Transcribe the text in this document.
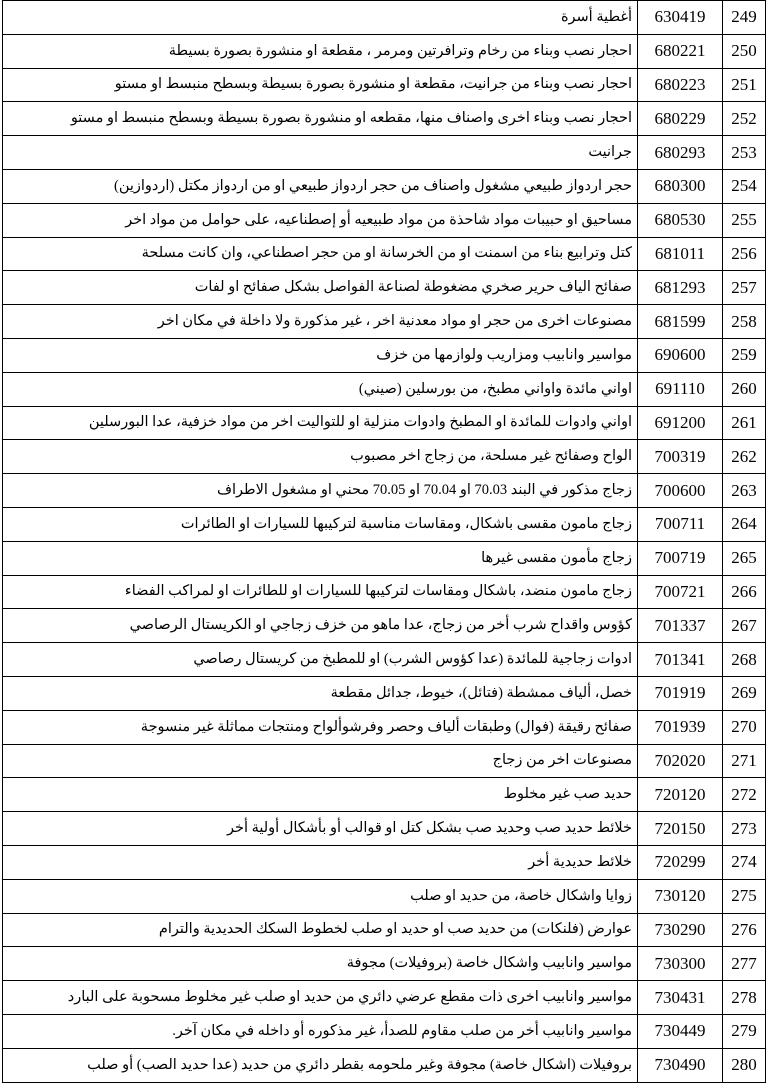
249	630419	أغطية أسرة
250	680221	احجار نصب وبناء من رخام وترافرتين ومرمر ، مقطعة او منشورة بصورة بسيطة
251	680223	احجار نصب وبناء من جرانيت، مقطعة او منشورة بصورة بسيطة وبسطح منبسط او مستو
252	680229	احجار نصب وبناء اخرى واصناف منها، مقطعه او منشورة بصورة بسيطة وبسطح منبسط او مستو
253	680293	جرانيت
254	680300	حجر اردواز طبيعي مشغول واصناف من حجر اردواز طبيعي او من اردواز مكتل (اردوازين)
255	680530	مساحيق او حبيبات مواد شاحذة من مواد طبيعيه أو إصطناعيه، على حوامل من مواد اخر
256	681011	كتل وترابيع بناء من اسمنت او من الخرسانة او من حجر اصطناعي، وان كانت مسلحة
257	681293	صفائح الياف حرير صخري مضغوطة لصناعة الفواصل بشكل صفائح او لفات
258	681599	مصنوعات اخرى من حجر او مواد معدنية اخر ، غير مذكورة ولا داخلة في مكان اخر
259	690600	مواسير وانابيب ومزاريب ولوازمها من خزف
260	691110	اواني مائدة واواني مطبخ، من بورسلين (صيني)
261	691200	اواني وادوات للمائدة او المطبخ وادوات منزلية او للتواليت اخر من مواد خزفية، عدا البورسلين
262	700319	الواح وصفائح غير مسلحة، من زجاج اخر مصبوب
263	700600	زجاج مذكور في البند 70.03 او 70.04 او 70.05 محني او مشغول الاطراف
264	700711	زجاج مامون مقسى باشكال، ومقاسات مناسبة لتركيبها للسيارات او الطائرات
265	700719	زجاج مأمون مقسى غيرها
266	700721	زجاج مامون منضد، باشكال ومقاسات لتركيبها للسيارات او للطائرات او لمراكب الفضاء
267	701337	كؤوس واقداح شرب أخر من زجاج، عدا ماهو من خزف زجاجي او الكريستال الرصاصي
268	701341	ادوات زجاجية للمائدة (عدا كؤوس الشرب) او للمطبخ من كريستال رصاصي
269	701919	خصل، ألياف ممشطة (فتائل)، خيوط، جدائل مقطعة
270	701939	صفائح رقيقة (فوال) وطبقات ألياف وحصر وفرشوألواح ومنتجات مماثلة غير منسوجة
271	702020	مصنوعات اخر من زجاج
272	720120	حديد صب غير مخلوط
273	720150	خلائط حديد صب وحديد صب بشكل كتل او قوالب أو بأشكال أولية أخر
274	720299	خلائط حديدية أخر
275	730120	زوايا واشكال خاصة، من حديد او صلب
276	730290	عوارض (فلنكات) من حديد صب او حديد او صلب لخطوط السكك الحديدية والترام
277	730300	مواسير وانابيب واشكال خاصة (بروفيلات) مجوفة
278	730431	مواسير وانابيب اخرى ذات مقطع عرضي دائري من حديد او صلب غير مخلوط مسحوبة على البارد
279	730449	مواسير وانابيب أخر من صلب مقاوم للصدأ، غير مذكوره أو داخله في مكان آخر.
280	730490	بروفيلات (اشكال خاصة) مجوفة وغير ملحومه بقطر دائري من حديد (عدا حديد الصب) أو صلب
